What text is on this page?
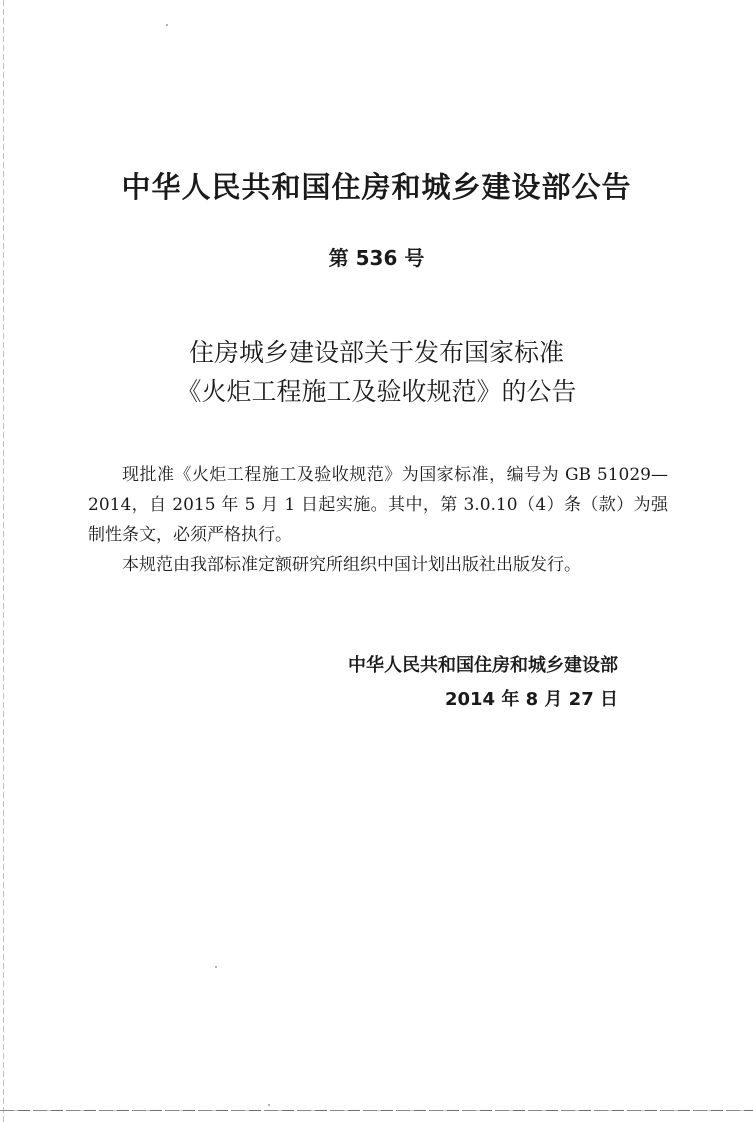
中华人民共和国住房和城乡建设部公告
第 536 号
住房城乡建设部关于发布国家标准
《火炬工程施工及验收规范》的公告

现批准《火炬工程施工及验收规范》为国家标准，编号为 GB 51029—2014，自 2015 年 5 月 1 日起实施。其中，第 3.0.10（4）条（款）为强制性条文，必须严格执行。

本规范由我部标准定额研究所组织中国计划出版社出版发行。

中华人民共和国住房和城乡建设部
2014 年 8 月 27 日
